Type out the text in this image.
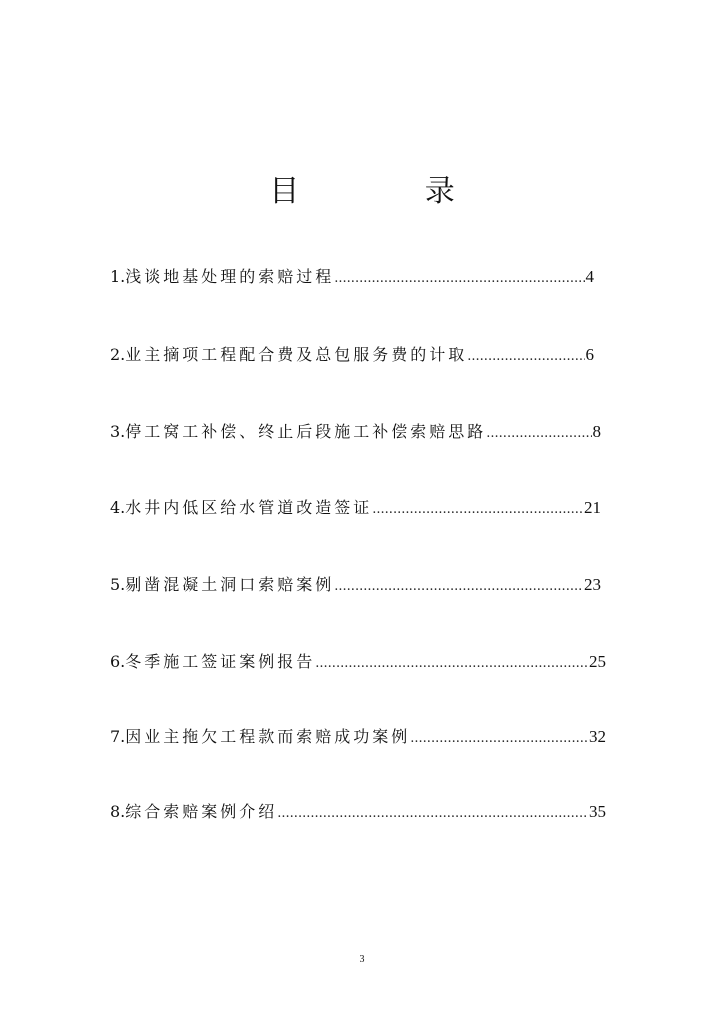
目 录
1. 浅谈地基处理的索赔过程 .....	4
2. 业主摘项工程配合费及总包服务费的计取 .....	6
3. 停工窝工补偿、终止后段施工补偿索赔思路 .....	8
4. 水井内低区给水管道改造签证 .....	21
5. 剔凿混凝土洞口索赔案例 .....	23
6. 冬季施工签证案例报告 .....	25
7. 因业主拖欠工程款而索赔成功案例 .....	32
8. 综合索赔案例介绍 .....	35
3
